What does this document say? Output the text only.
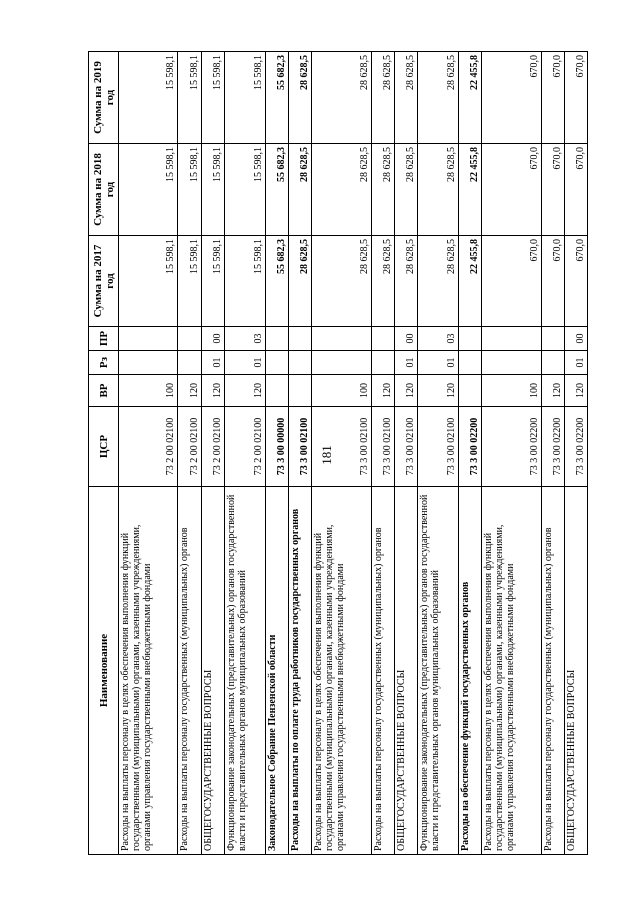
181
Наименование	ЦСР	ВР	Рз	ПР	Сумма на 2017 год	Сумма на 2018 год	Сумма на 2019 год
Расходы на выплаты персоналу в целях обеспечения выполнения функций государственными (муниципальными) органами, казенными учреждениями, органами управления государственными внебюджетными фондами	73 2 00 02100	100			15 598,1	15 598,1	15 598,1
Расходы на выплаты персоналу государственных (муниципальных) органов	73 2 00 02100	120			15 598,1	15 598,1	15 598,1
ОБЩЕГОСУДАРСТВЕННЫЕ ВОПРОСЫ	73 2 00 02100	120	01	00	15 598,1	15 598,1	15 598,1
Функционирование законодательных (представительных) органов государственной власти и представительных органов муниципальных образований	73 2 00 02100	120	01	03	15 598,1	15 598,1	15 598,1
Законодательное Собрание Пензенской области	73 3 00 00000				55 682,3	55 682,3	55 682,3
Расходы на выплаты по оплате труда работников государственных органов	73 3 00 02100				28 628,5	28 628,5	28 628,5
Расходы на выплаты персоналу в целях обеспечения выполнения функций государственными (муниципальными) органами, казенными учреждениями, органами управления государственными внебюджетными фондами	73 3 00 02100	100			28 628,5	28 628,5	28 628,5
Расходы на выплаты персоналу государственных (муниципальных) органов	73 3 00 02100	120			28 628,5	28 628,5	28 628,5
ОБЩЕГОСУДАРСТВЕННЫЕ ВОПРОСЫ	73 3 00 02100	120	01	00	28 628,5	28 628,5	28 628,5
Функционирование законодательных (представительных) органов государственной власти и представительных органов муниципальных образований	73 3 00 02100	120	01	03	28 628,5	28 628,5	28 628,5
Расходы на обеспечение функций государственных органов	73 3 00 02200				22 455,8	22 455,8	22 455,8
Расходы на выплаты персоналу в целях обеспечения выполнения функций государственными (муниципальными) органами, казенными учреждениями, органами управления государственными внебюджетными фондами	73 3 00 02200	100			670,0	670,0	670,0
Расходы на выплаты персоналу государственных (муниципальных) органов	73 3 00 02200	120			670,0	670,0	670,0
ОБЩЕГОСУДАРСТВЕННЫЕ ВОПРОСЫ	73 3 00 02200	120	01	00	670,0	670,0	670,0
